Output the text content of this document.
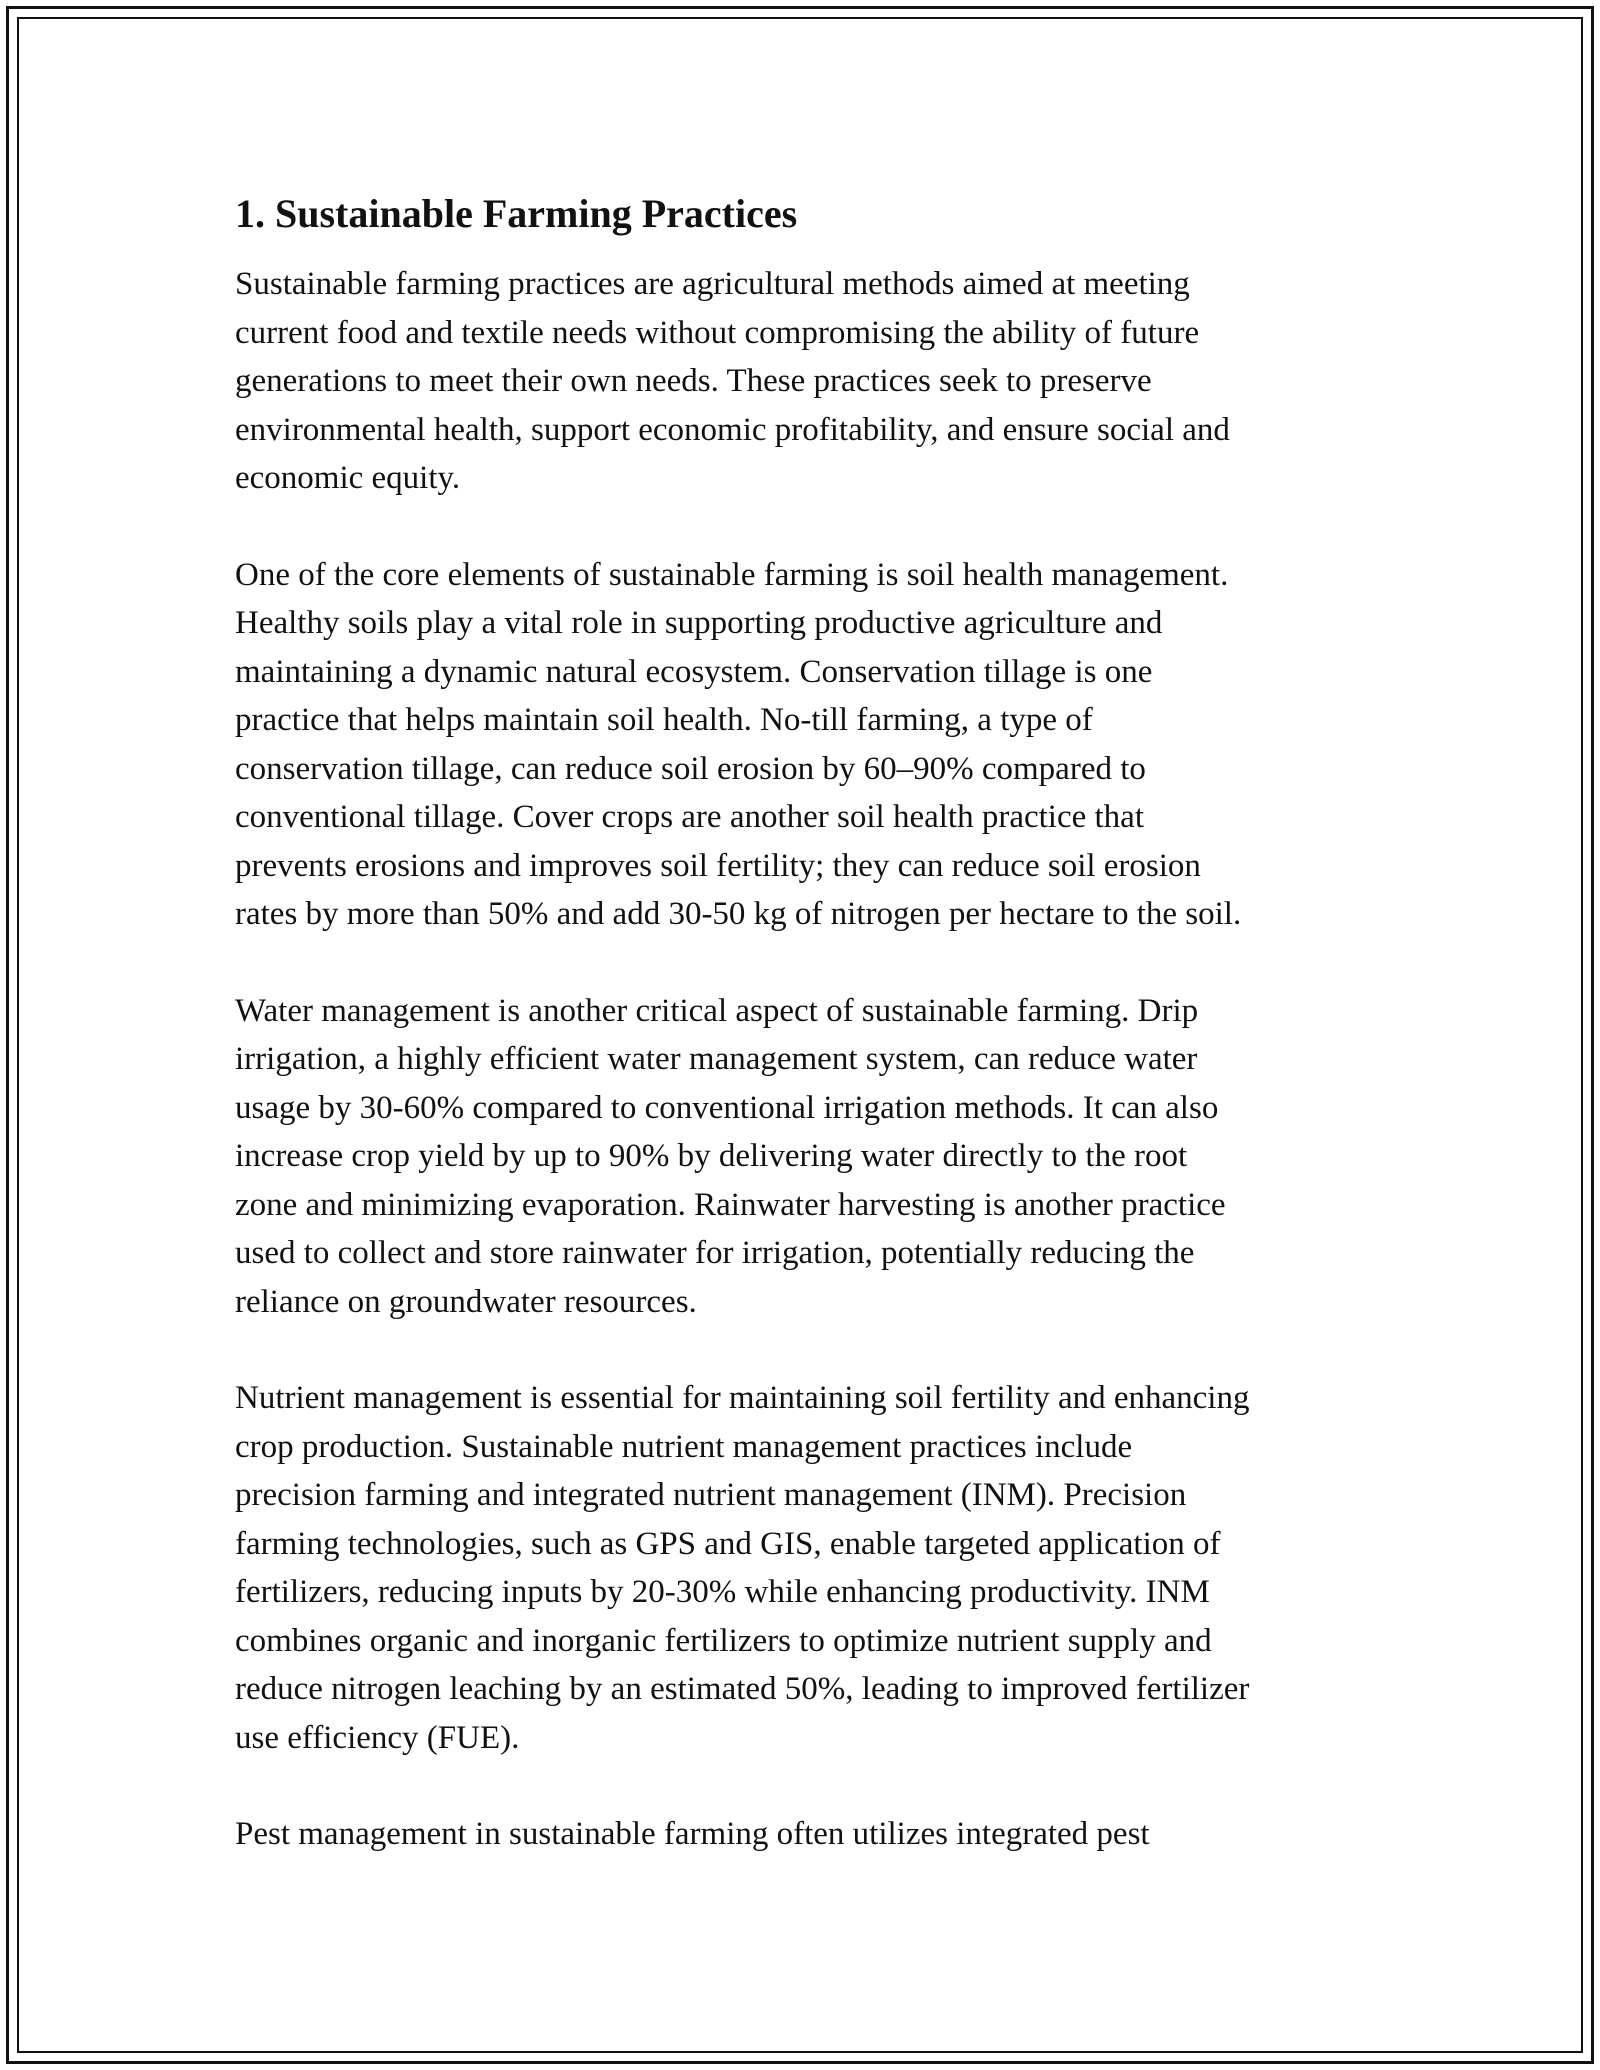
1. Sustainable Farming Practices

Sustainable farming practices are agricultural methods aimed at meeting
current food and textile needs without compromising the ability of future
generations to meet their own needs. These practices seek to preserve
environmental health, support economic profitability, and ensure social and
economic equity.

One of the core elements of sustainable farming is soil health management.
Healthy soils play a vital role in supporting productive agriculture and
maintaining a dynamic natural ecosystem. Conservation tillage is one
practice that helps maintain soil health. No-till farming, a type of
conservation tillage, can reduce soil erosion by 60–90% compared to
conventional tillage. Cover crops are another soil health practice that
prevents erosions and improves soil fertility; they can reduce soil erosion
rates by more than 50% and add 30-50 kg of nitrogen per hectare to the soil.

Water management is another critical aspect of sustainable farming. Drip
irrigation, a highly efficient water management system, can reduce water
usage by 30-60% compared to conventional irrigation methods. It can also
increase crop yield by up to 90% by delivering water directly to the root
zone and minimizing evaporation. Rainwater harvesting is another practice
used to collect and store rainwater for irrigation, potentially reducing the
reliance on groundwater resources.

Nutrient management is essential for maintaining soil fertility and enhancing
crop production. Sustainable nutrient management practices include
precision farming and integrated nutrient management (INM). Precision
farming technologies, such as GPS and GIS, enable targeted application of
fertilizers, reducing inputs by 20-30% while enhancing productivity. INM
combines organic and inorganic fertilizers to optimize nutrient supply and
reduce nitrogen leaching by an estimated 50%, leading to improved fertilizer
use efficiency (FUE).

Pest management in sustainable farming often utilizes integrated pest
